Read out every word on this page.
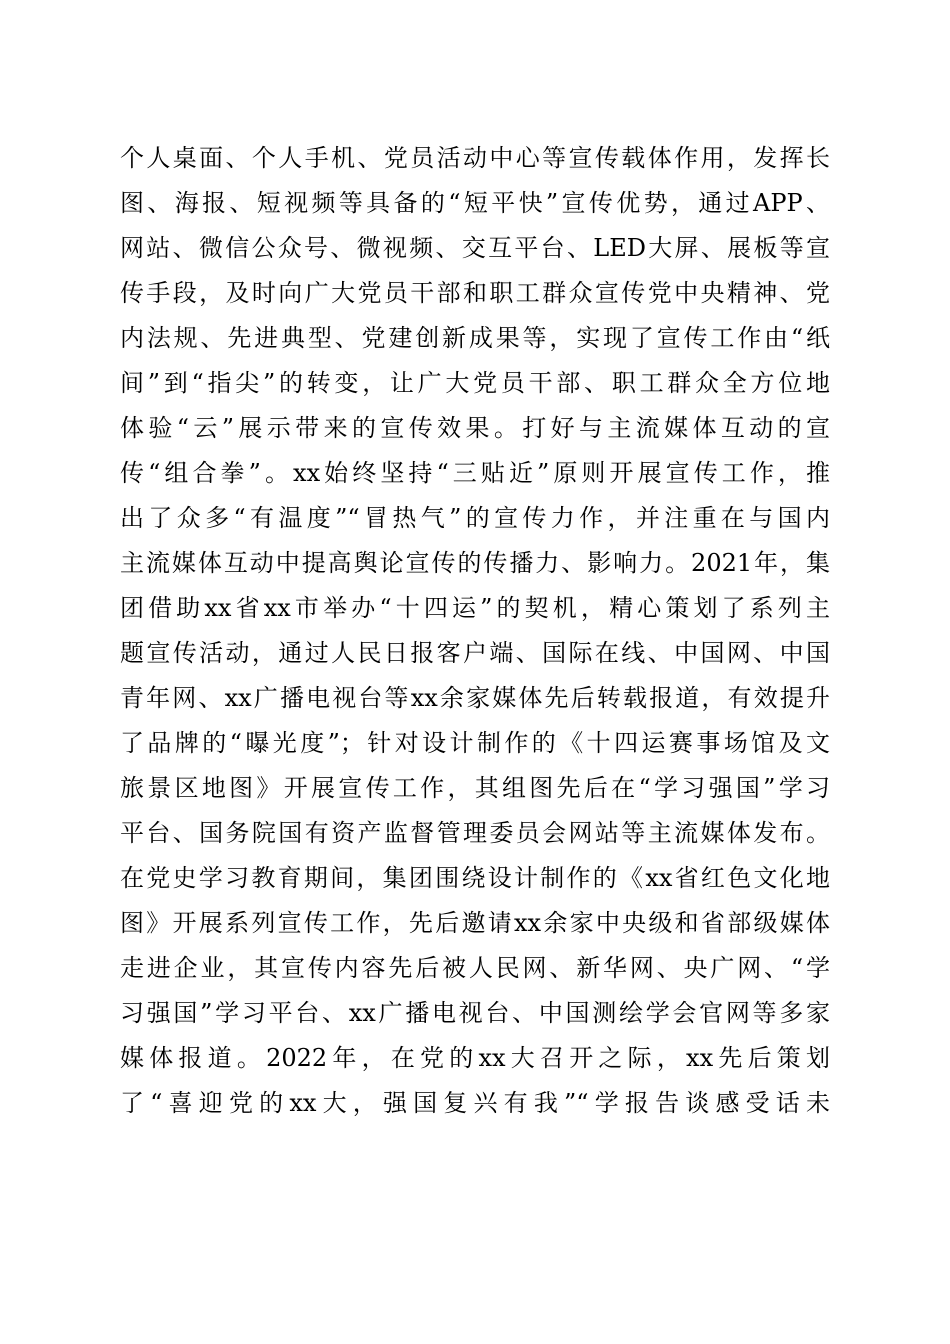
个人桌面、个人手机、党员活动中心等宣传载体作用，发挥长
图、海报、短视频等具备的“短平快”宣传优势，通过APP、
网站、微信公众号、微视频、交互平台、LED大屏、展板等宣
传手段，及时向广大党员干部和职工群众宣传党中央精神、党
内法规、先进典型、党建创新成果等，实现了宣传工作由“纸
间”到“指尖”的转变，让广大党员干部、职工群众全方位地
体验“云”展示带来的宣传效果。打好与主流媒体互动的宣
传“组合拳”。xx始终坚持“三贴近”原则开展宣传工作，推
出了众多“有温度”“冒热气”的宣传力作，并注重在与国内
主流媒体互动中提高舆论宣传的传播力、影响力。2021年，集
团借助xx省xx市举办“十四运”的契机，精心策划了系列主
题宣传活动，通过人民日报客户端、国际在线、中国网、中国
青年网、xx广播电视台等xx余家媒体先后转载报道，有效提升
了品牌的“曝光度”；针对设计制作的《十四运赛事场馆及文
旅景区地图》开展宣传工作，其组图先后在“学习强国”学习
平台、国务院国有资产监督管理委员会网站等主流媒体发布。
在党史学习教育期间，集团围绕设计制作的《xx省红色文化地
图》开展系列宣传工作，先后邀请xx余家中央级和省部级媒体
走进企业，其宣传内容先后被人民网、新华网、央广网、“学
习强国”学习平台、xx广播电视台、中国测绘学会官网等多家
媒体报道。2022年，在党的xx大召开之际，xx先后策划
了“喜迎党的xx大，强国复兴有我”“学报告谈感受话未
